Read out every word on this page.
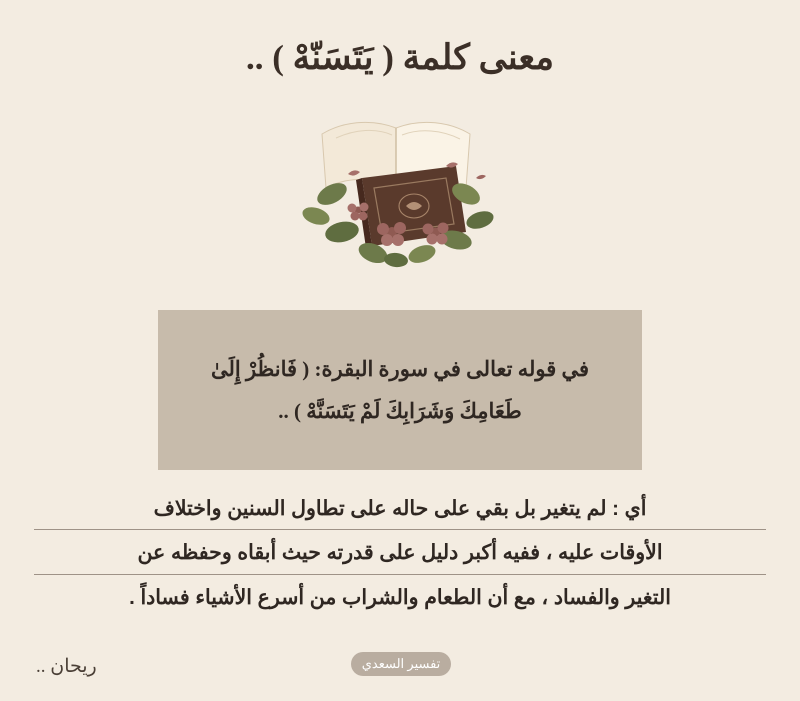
معنى كلمة ( يَتَسَنّهْ ) ..
في قوله تعالى في سورة البقرة: ( فَانظُرْ إِلَىٰ
طَعَامِكَ وَشَرَابِكَ لَمْ يَتَسَنَّهْ ) ..
أي : لم يتغير بل بقي على حاله على تطاول السنين واختلاف
الأوقات عليه ، ففيه أكبر دليل على قدرته حيث أبقاه وحفظه عن
التغير والفساد ، مع أن الطعام والشراب من أسرع الأشياء فساداً .
تفسير السعدي
ريحان ..
